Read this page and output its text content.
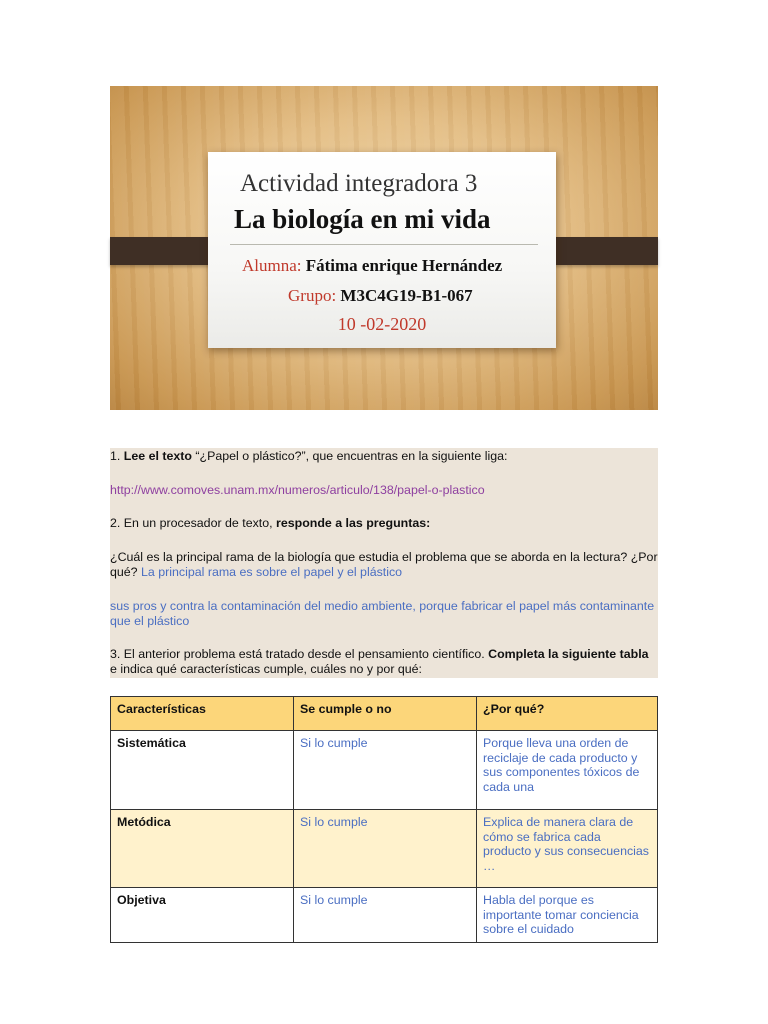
Actividad integradora 3
La biología en mi vida
Alumna: Fátima enrique Hernández
Grupo: M3C4G19-B1-067
10 -02-2020

1. Lee el texto “¿Papel o plástico?”, que encuentras en la siguiente liga:

http://www.comoves.unam.mx/numeros/articulo/138/papel-o-plastico

2. En un procesador de texto, responde a las preguntas:

¿Cuál es la principal rama de la biología que estudia el problema que se aborda en la lectura? ¿Por qué? La principal rama es sobre el papel y el plástico

sus pros y contra la contaminación del medio ambiente, porque fabricar el papel más contaminante que el plástico

3. El anterior problema está tratado desde el pensamiento científico. Completa la siguiente tabla e indica qué características cumple, cuáles no y por qué:

Características	Se cumple o no	¿Por qué?
Sistemática	Si lo cumple	Porque lleva una orden de reciclaje de cada producto y sus componentes tóxicos de cada una
Metódica	Si lo cumple	Explica de manera clara de cómo se fabrica cada producto y sus consecuencias …
Objetiva	Si lo cumple	Habla del porque es importante tomar conciencia sobre el cuidado
